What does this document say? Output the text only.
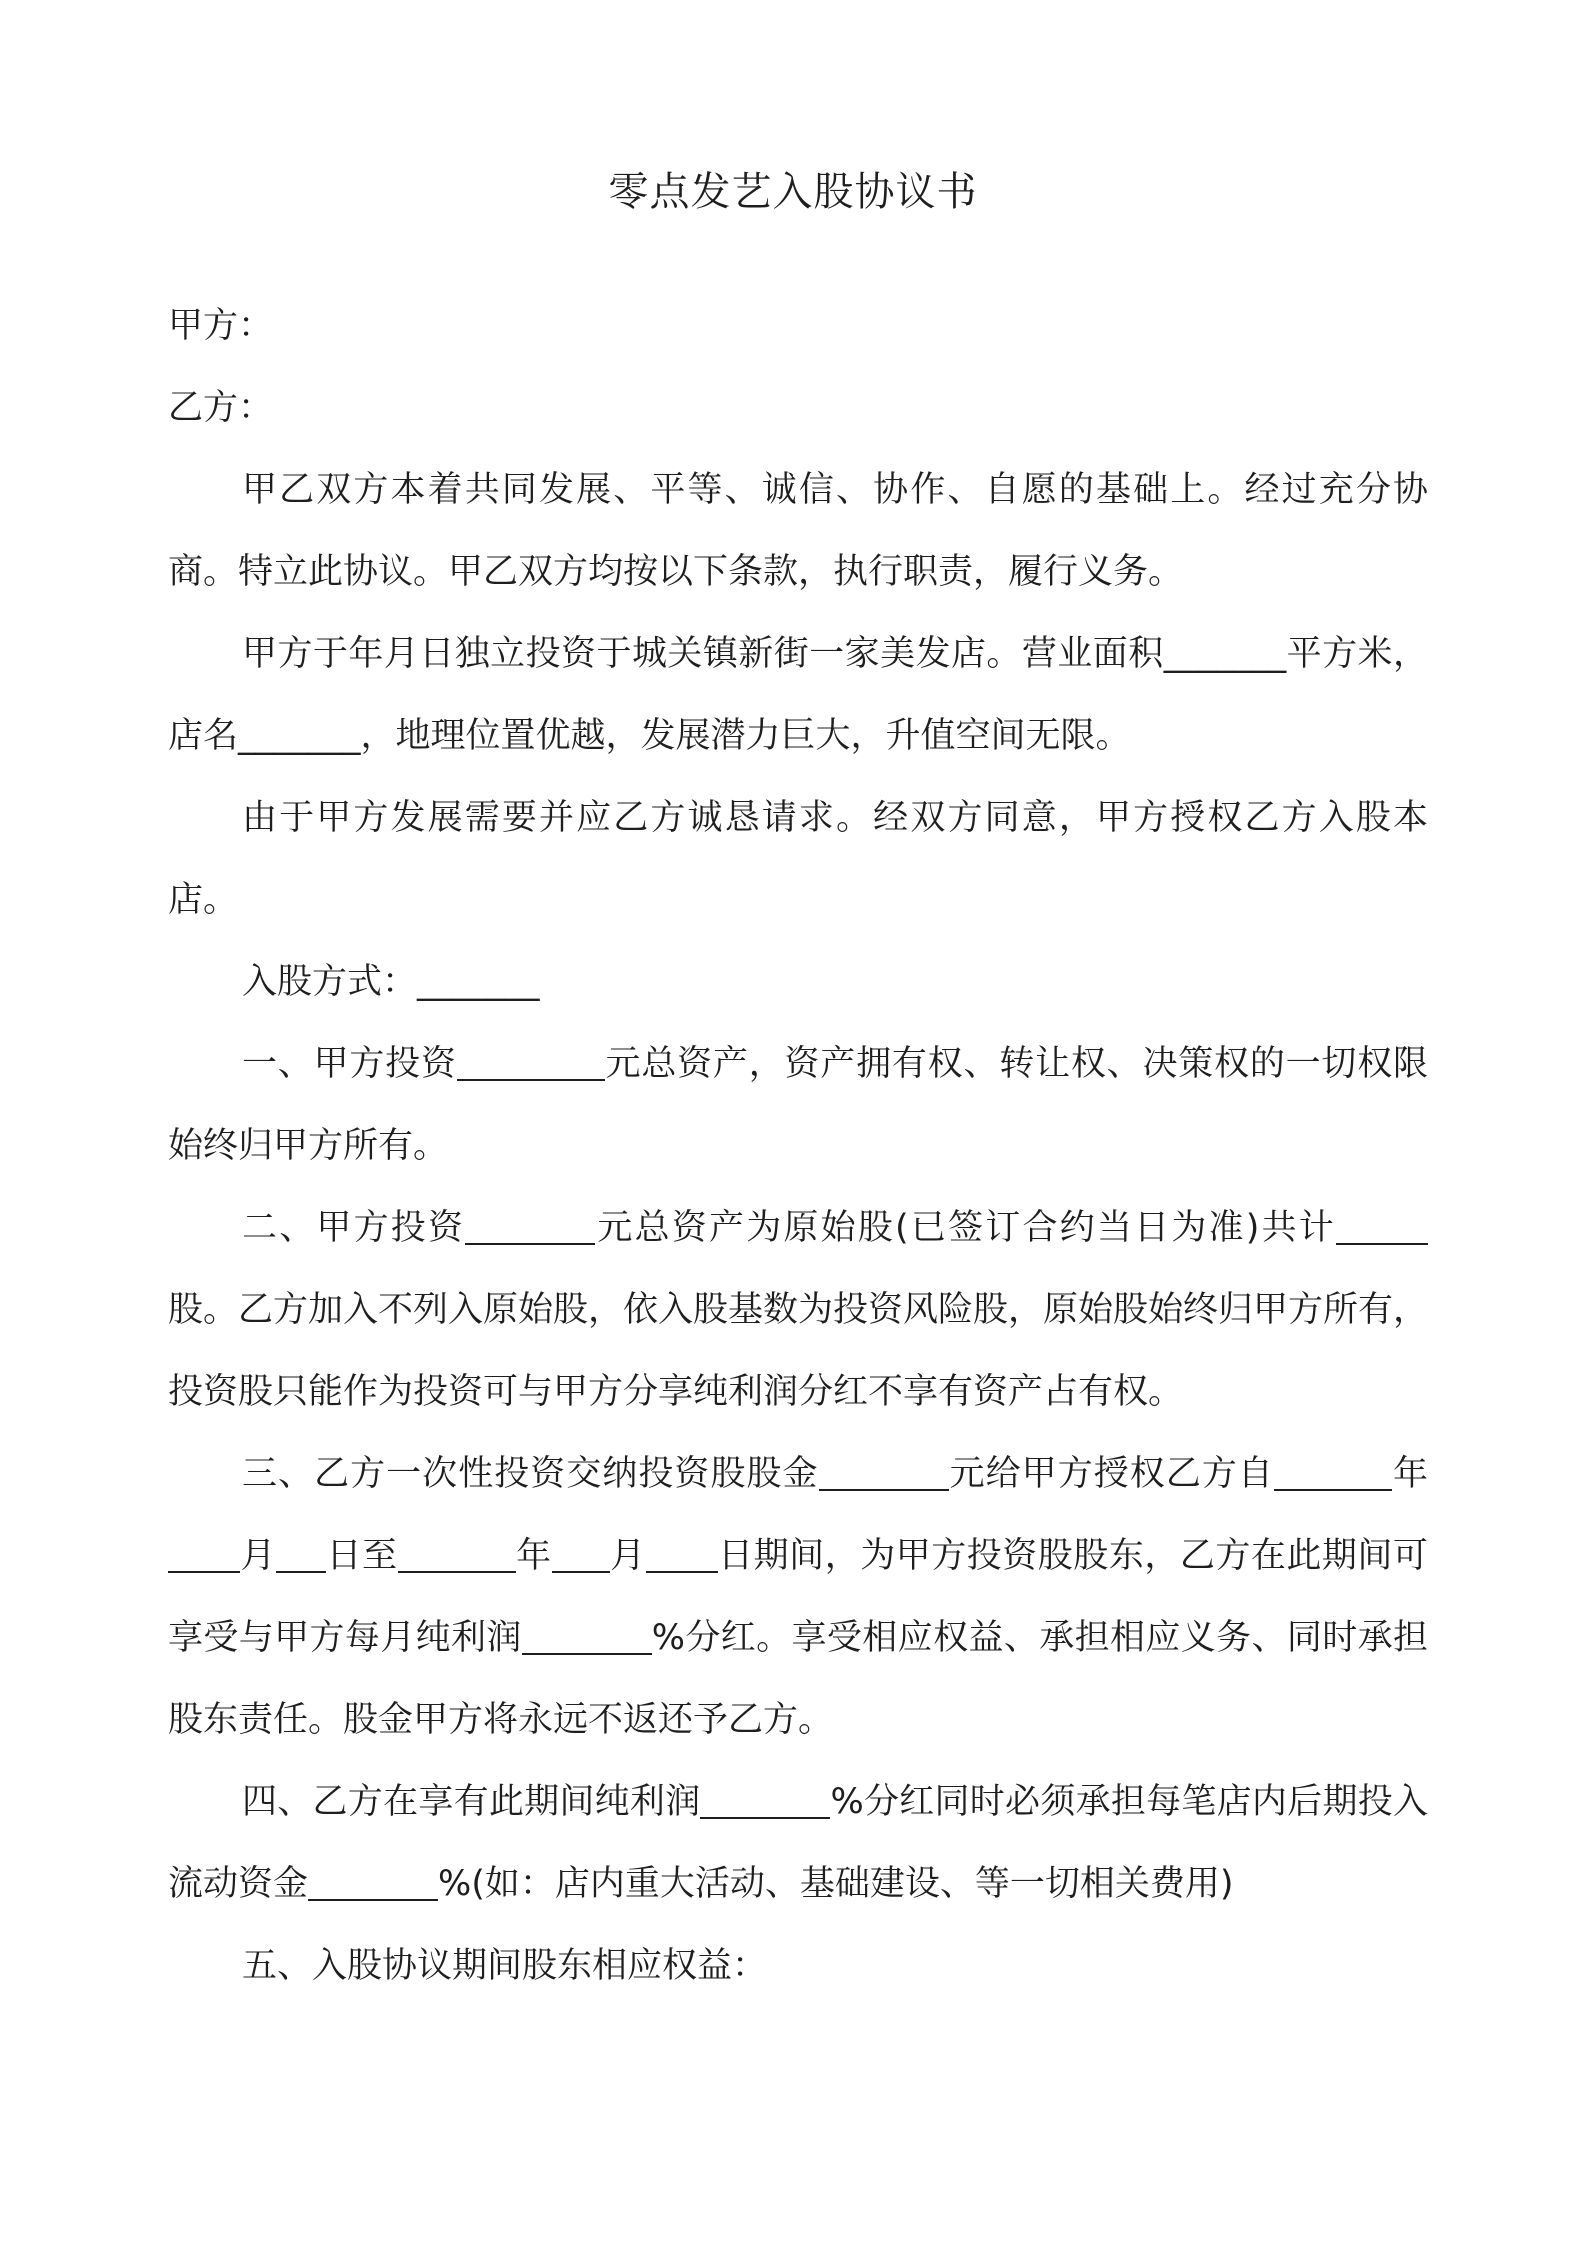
零点发艺入股协议书

甲方：

乙方：

甲乙双方本着共同发展、平等、诚信、协作、自愿的基础上。经过充分协商。特立此协议。甲乙双方均按以下条款，执行职责，履行义务。

甲方于年月日独立投资于城关镇新街一家美发店。营业面积_______平方米，店名_______，地理位置优越，发展潜力巨大，升值空间无限。

由于甲方发展需要并应乙方诚恳请求。经双方同意，甲方授权乙方入股本店。

入股方式：_______

一、甲方投资	元总资产，资产拥有权、转让权、决策权的一切权限始终归甲方所有。

二、甲方投资	元总资产为原始股(已签订合约当日为准)共计股。乙方加入不列入原始股，依入股基数为投资风险股，原始股始终归甲方所有，投资股只能作为投资可与甲方分享纯利润分红不享有资产占有权。

三、乙方一次性投资交纳投资股股金	元给甲方授权乙方自	年月 日至	年 月 日期间，为甲方投资股股东，乙方在此期间可享受与甲方每月纯利润	%分红。享受相应权益、承担相应义务、同时承担股东责任。股金甲方将永远不返还予乙方。

四、乙方在享有此期间纯利润	%分红同时必须承担每笔店内后期投入流动资金	%(如：店内重大活动、基础建设、等一切相关费用)

五、入股协议期间股东相应权益：
